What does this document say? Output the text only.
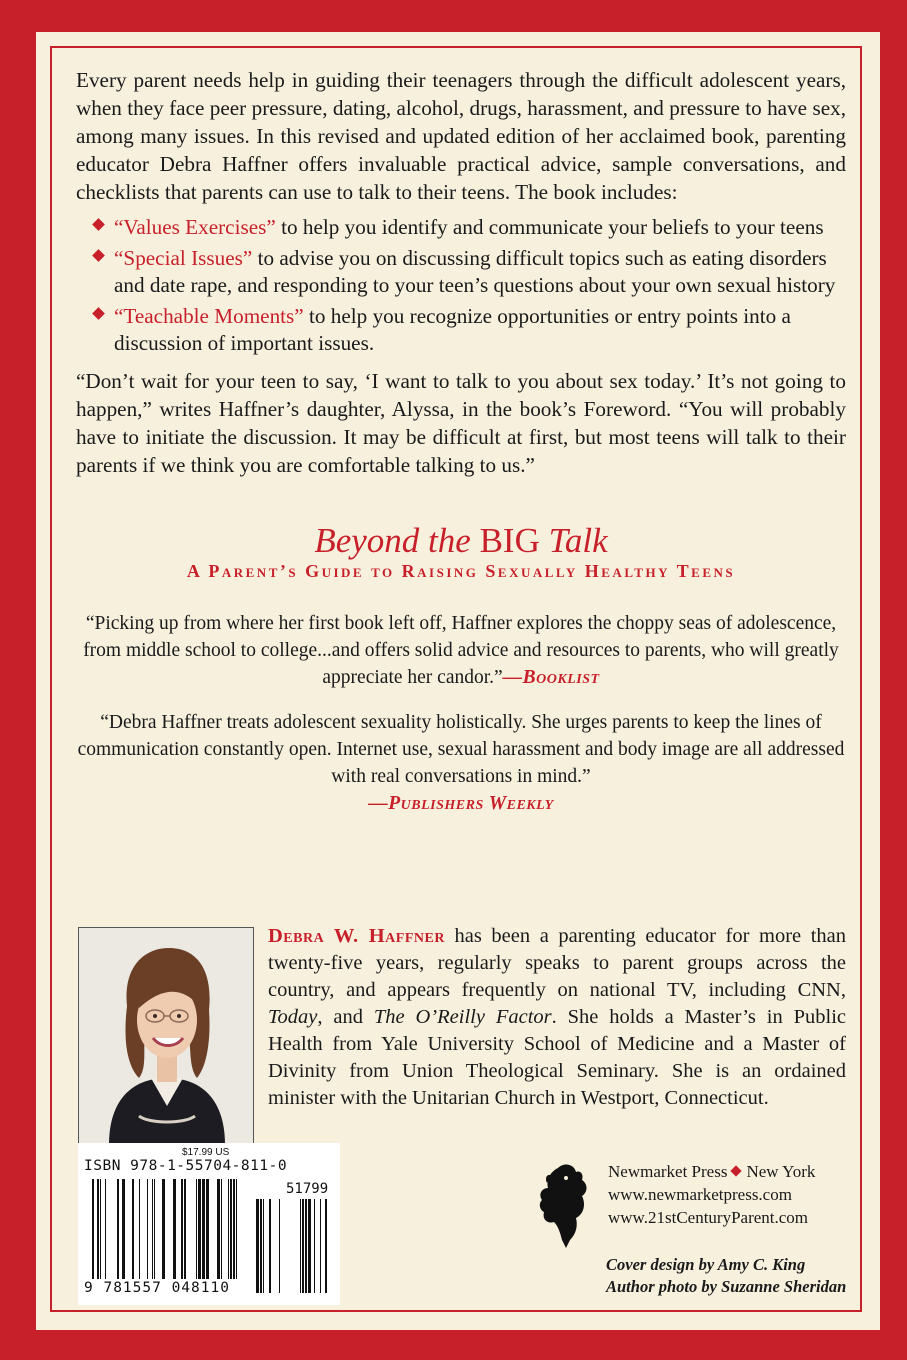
Every parent needs help in guiding their teenagers through the difficult adolescent years, when they face peer pressure, dating, alcohol, drugs, harassment, and pressure to have sex, among many issues. In this revised and updated edition of her acclaimed book, parenting educator Debra Haffner offers invaluable practical advice, sample conversations, and checklists that parents can use to talk to their teens. The book includes:

“Values Exercises” to help you identify and communicate your beliefs to your teens
“Special Issues” to advise you on discussing difficult topics such as eating disorders and date rape, and responding to your teen’s questions about your own sexual history
“Teachable Moments” to help you recognize opportunities or entry points into a discussion of important issues.

“Don’t wait for your teen to say, ‘I want to talk to you about sex today.’ It’s not going to happen,” writes Haffner’s daughter, Alyssa, in the book’s Foreword. “You will probably have to initiate the discussion. It may be difficult at first, but most teens will talk to their parents if we think you are comfortable talking to us.”

Beyond the BIG Talk
A Parent’s Guide to Raising Sexually Healthy Teens
“Picking up from where her first book left off, Haffner explores the choppy seas of adolescence, from middle school to college...and offers solid advice and resources to parents, who will greatly appreciate her candor.”—Booklist
“Debra Haffner treats adolescent sexuality holistically. She urges parents to keep the lines of communication constantly open. Internet use, sexual harassment and body image are all addressed with real conversations in mind.”
—Publishers Weekly
Debra W. Haffner has been a parenting educator for more than twenty-five years, regularly speaks to parent groups across the country, and appears frequently on national TV, including CNN, Today, and The O’Reilly Factor. She holds a Master’s in Public Health from Yale University School of Medicine and a Master of Divinity from Union Theological Seminary. She is an ordained minister with the Unitarian Church in Westport, Connecticut.
$17.99 US
ISBN 978-1-55704-811-0
51799
9 781557 048110
Newmarket Press New York
www.newmarketpress.com
www.21stCenturyParent.com
Cover design by Amy C. King
Author photo by Suzanne Sheridan
